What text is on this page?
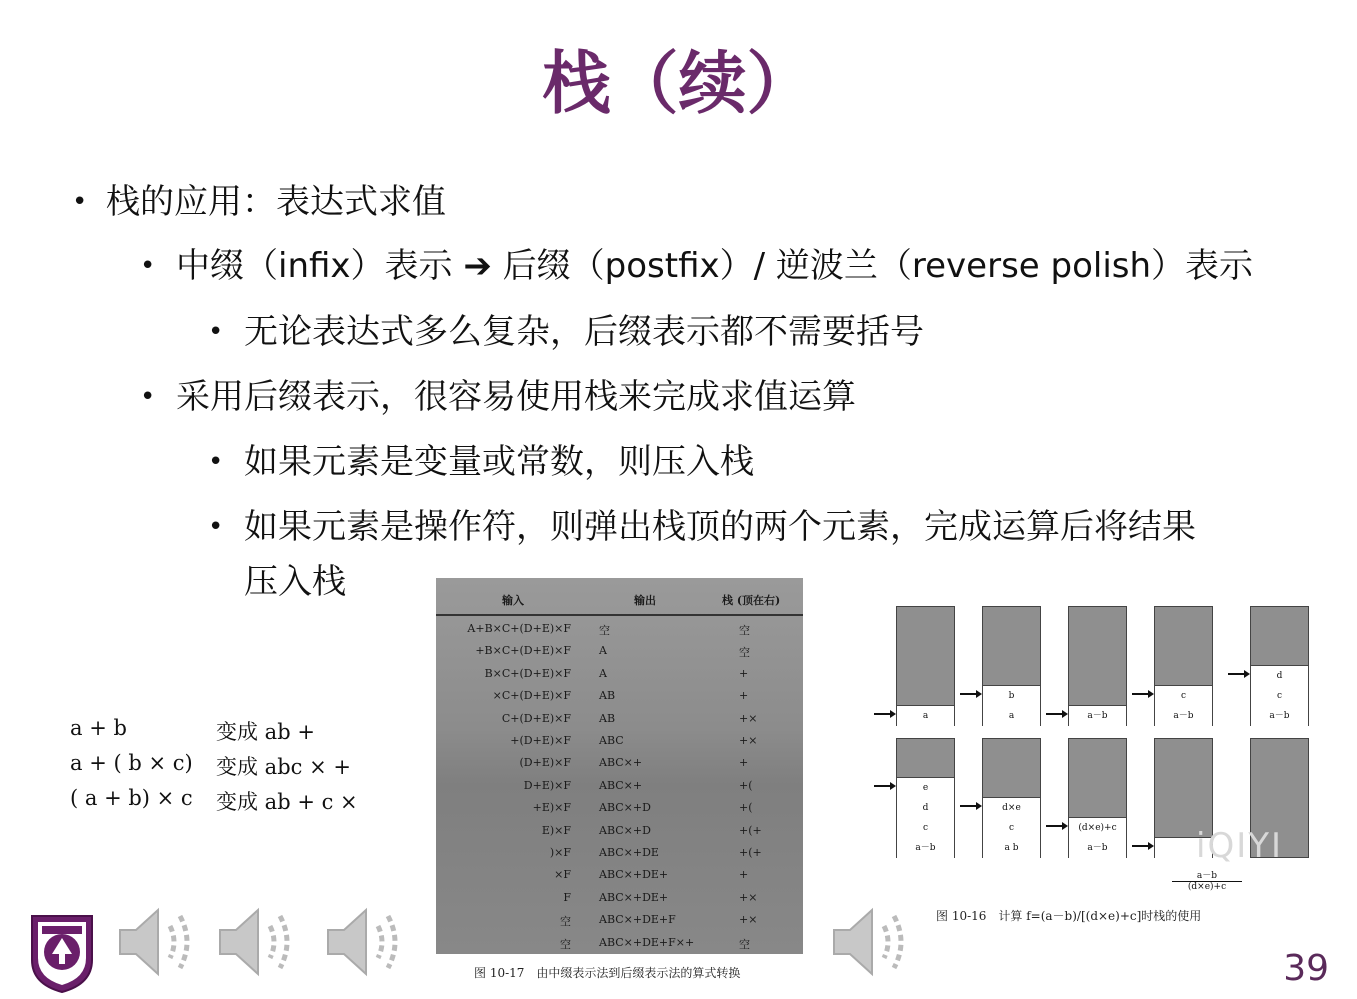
栈（续）
• 栈的应用：表达式求值
• 中缀（infix）表示 ➔ 后缀（postfix）/ 逆波兰（reverse polish）表示
• 无论表达式多么复杂，后缀表示都不需要括号
• 采用后缀表示，很容易使用栈来完成求值运算
• 如果元素是变量或常数，则压入栈
• 如果元素是操作符，则弹出栈顶的两个元素，完成运算后将结果
压入栈
a + b	变成 ab +
a + ( b × c) 变成 abc × +
( a + b) × c 变成 ab + c ×
输入	输出	栈 (顶在右)
A+B×C+(D+E)×F	空	空
+B×C+(D+E)×F	A	空
B×C+(D+E)×F	A	+
×C+(D+E)×F	AB	+
C+(D+E)×F	AB	+×
+(D+E)×F	ABC	+×
(D+E)×F	ABC×+	+
D+E)×F	ABC×+	+(
+E)×F	ABC×+D	+(
E)×F	ABC×+D	+(+
)×F	ABC×+DE	+(+
×F	ABC×+DE+	+
F	ABC×+DE+	+×
空	ABC×+DE+F	+×
空	ABC×+DE+F×+	空
图 10-17　由中缀表示法到后缀表示法的算式转换
a	a
b
a－b	a－b
c
a－b
c
d
a－b
c
d
e
a b
c
d×e
a－b
(d×e)+c
$\frac{a-b}{(d\times e)+c}$
图 10-16　计算 f=(a－b)/[(d×e)+c]时栈的使用
iQIYI
39
